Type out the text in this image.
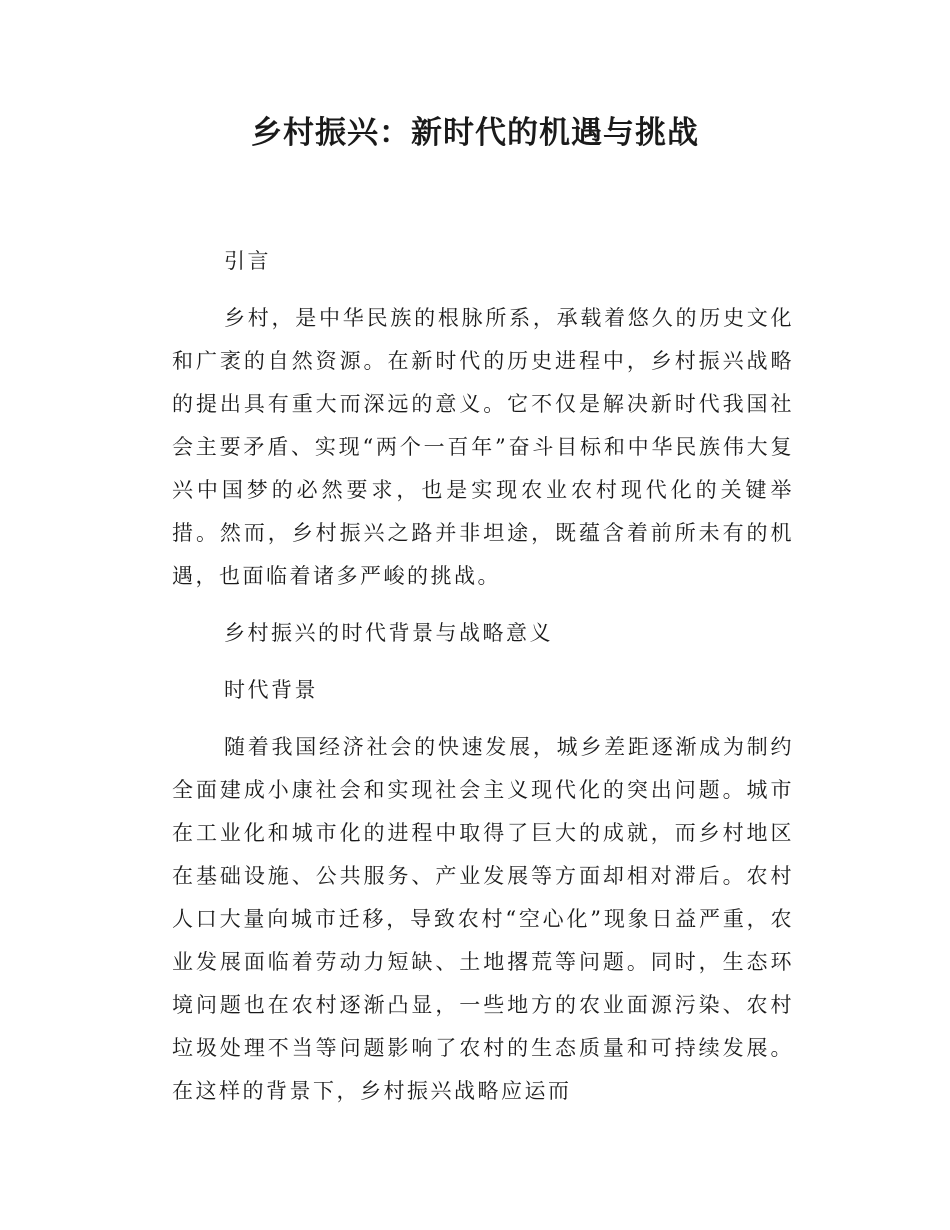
乡村振兴：新时代的机遇与挑战

引言

乡村，是中华民族的根脉所系，承载着悠久的历史文化和广袤的自然资源。在新时代的历史进程中，乡村振兴战略的提出具有重大而深远的意义。它不仅是解决新时代我国社会主要矛盾、实现“两个一百年”奋斗目标和中华民族伟大复兴中国梦的必然要求，也是实现农业农村现代化的关键举措。然而，乡村振兴之路并非坦途，既蕴含着前所未有的机遇，也面临着诸多严峻的挑战。

乡村振兴的时代背景与战略意义

时代背景

随着我国经济社会的快速发展，城乡差距逐渐成为制约全面建成小康社会和实现社会主义现代化的突出问题。城市在工业化和城市化的进程中取得了巨大的成就，而乡村地区在基础设施、公共服务、产业发展等方面却相对滞后。农村人口大量向城市迁移，导致农村“空心化”现象日益严重，农业发展面临着劳动力短缺、土地撂荒等问题。同时，生态环境问题也在农村逐渐凸显，一些地方的农业面源污染、农村垃圾处理不当等问题影响了农村的生态质量和可持续发展。在这样的背景下，乡村振兴战略应运而
